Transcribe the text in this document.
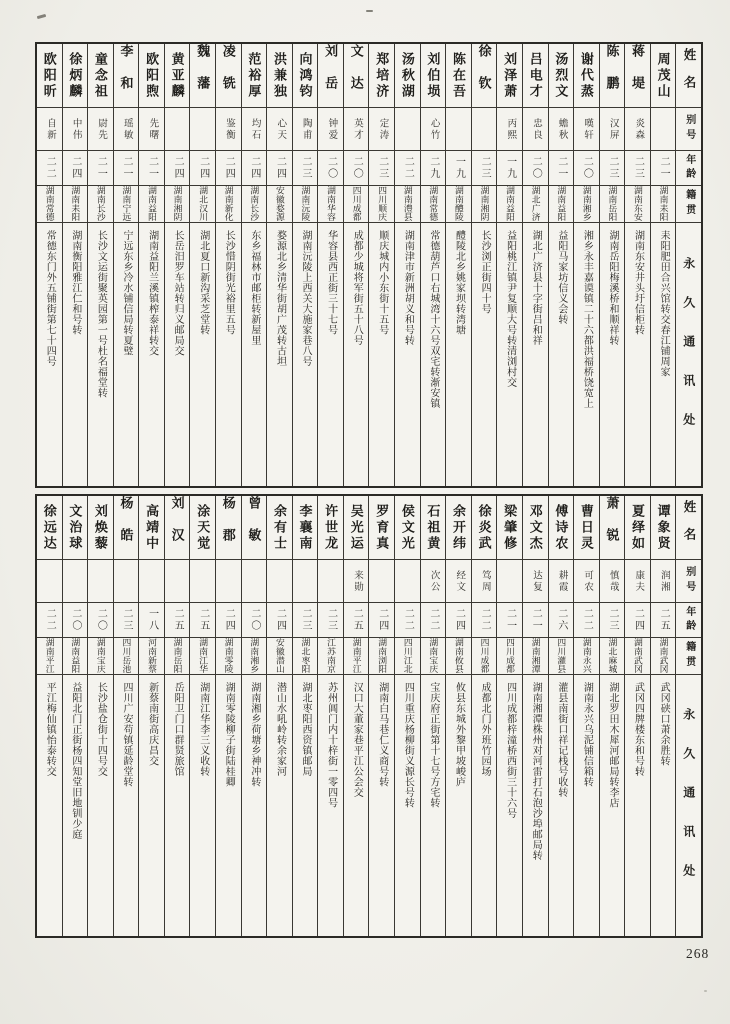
姓名
别号
年龄
籍贯
永久通讯处
周茂山
二一
湖南耒阳
耒阳肥田合兴馆转交春江铺周家
蒋堤
炎森
二三
湖南东安
湖南东安井头圩信柜转
陈鹏
汉屏
二三
湖南岳阳
湖南岳阳梅溪桥和顺祥转
谢代蒸
嘆轩
二〇
湖南湘乡
湘乡永丰嘉谟镇二十六都洪福桥饶宽上
汤烈文
蟾秋
二一
湖南益阳
益阳马家坊信义会转
吕电才
忠良
二〇
湖北广济
湖北广济县十字街吕和祥
刘泽萧
丙熙
一九
湖南益阳
益阳桃江镇尹复顺大号转清浏村交
徐钦
二三
湖南湘阴
长沙浏正街四十号
陈在吾
一九
湖南醴陵
醴陵北乡姚家坝转湾塘
刘伯埙
心竹
二九
湖南常德
常德葫芦口右城湾十六号双宅转渐安镇
汤秋湖
二二
湖南澧县
湖南津市新洲胡义和号转
郑培济
定涛
二三
四川顺庆
顺庆城内小东街十五号
文达
英才
二〇
四川成都
成都少城将军街五十八号
刘岳
钟爱
二〇
湖南华容
华容县西正街三十七号
向鸿钧
陶甫
二三
湖南沅陵
湖南沅陵上西关大施家巷八号
洪兼独
心天
二四
安徽婺源
婺源北乡清华街胡广茂转古坦
范裕厚
均石
二四
湖南长沙
东乡福林市邮柜转新屋里
凌铣
鉴衡
二四
湖南新化
长沙惜阴街光裕里五号
魏藩
二四
湖北汉川
湖北夏口新沟采芝堂转
黄亚麟
二四
湖南湘阴
长岳汨罗车站转归义邮局交
欧阳煦
先曙
二一
湖南益阳
湖南益阳兰溪镇榨泰祥转交
李和
瑶敏
二一
湖南宁远
宁远东乡冷水铺信局转夏璧
童念祖
尉先
二一
湖南长沙
长沙文运街聚英园第一号杜名福堂转
徐炳麟
中伟
二四
湖南耒阳
湖南衡阳雅江仁和号转
欧阳昕
自新
二二
湖南常德
常德东门外五铺街第七十四号
姓名
别号
年龄
籍贯
永久通讯处
谭象贤
润湘
二五
湖南武冈
武冈硖口萧余胜转
夏绎如
康夫
二四
湖南武冈
武冈四牌楼东和号转
萧锐
慎哉
二三
湖北麻城
湖北罗田木犀河邮局转李店
曹日灵
可农
二二
湖南永兴
湖南永兴乌泥铺信箱转
傅诗农
耕霞
二六
四川灌县
灌县南街口祥记栈号收转
邓文杰
达复
二一
湖南湘潭
湖南湘潭株州对河雷打石泡沙埠邮局转
梁肇修
二一
四川成都
四川成都梓潼桥西街三十六号
徐炎武
笃周
二二
四川成都
成都北门外班竹园场
余开纬
经文
二四
湖南攸县
攸县东城外黎甲坡峻庐
石祖黄
次公
二二
湖南宝庆
宝庆府正街第十七号方宅转
侯文光
二二
四川江北
四川重庆杨柳街义源长号转
罗育真
二四
湖南浏阳
湖南白马巷仁义商号转
吴光运
来勋
二五
湖南平江
汉口大董家巷平江公会交
许世龙
二三
江苏南京
苏州阊门内十梓街一零四号
李襄南
二三
湖北枣阳
湖北枣阳西资镇邮局
余有士
二四
安徽潜山
潜山水吼岭转余家河
曾敏
二〇
湖南湘乡
湖南湘乡荷塘乡神冲转
杨郡
二四
湖南零陵
湖南零陵柳子街陆桂卿
涂天觉
二五
湖南江华
湖南江华李三义收转
刘汉
二五
湖南岳阳
岳阳卫门口群贤旅馆
高靖中
一八
河南新蔡
新蔡南街高庆昌交
杨皓
二三
四川岳池
四川广安苟镇延龄堂转
刘焕藜
二〇
湖南宝庆
长沙盐仓街十四号交
文治球
二〇
湖南益阳
益阳北门正街杨四知堂旧地钏少庭
徐远达
二二
湖南平江
平江梅仙镇怡泰转交
268
